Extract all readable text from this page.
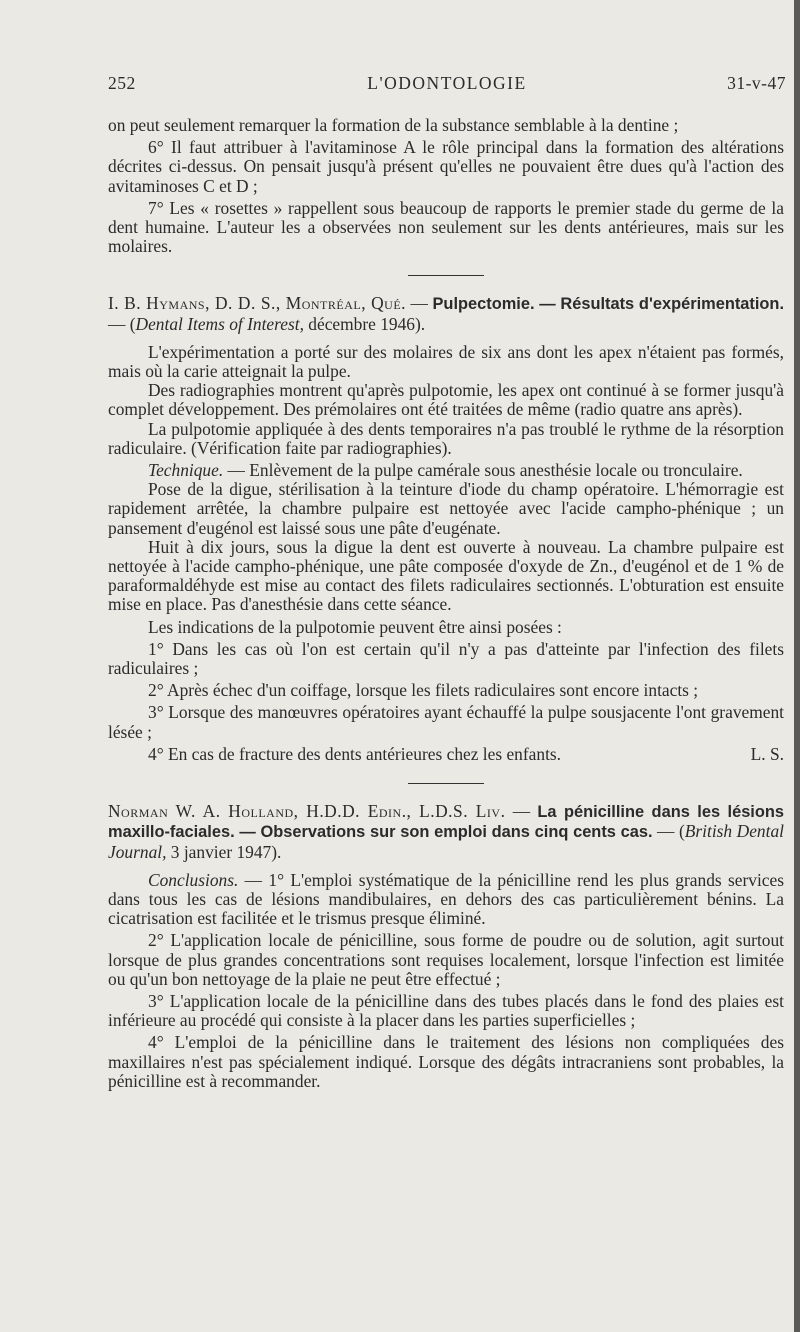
L'ODONTOLOGIE
252	31-v-47

on peut seulement remarquer la formation de la substance semblable à la dentine ;

6° Il faut attribuer à l'avitaminose A le rôle principal dans la formation des altérations décrites ci-dessus. On pensait jusqu'à présent qu'elles ne pouvaient être dues qu'à l'action des avitaminoses C et D ;

7° Les « rosettes » rappellent sous beaucoup de rapports le premier stade du germe de la dent humaine. L'auteur les a observées non seulement sur les dents antérieures, mais sur les molaires.

I. B. Hymans, D. D. S., Montréal, Qué. — Pulpectomie. — Résultats d'expérimentation. — (Dental Items of Interest, décembre 1946).

L'expérimentation a porté sur des molaires de six ans dont les apex n'étaient pas formés, mais où la carie atteignait la pulpe.

Des radiographies montrent qu'après pulpotomie, les apex ont continué à se former jusqu'à complet développement. Des prémolaires ont été traitées de même (radio quatre ans après).

La pulpotomie appliquée à des dents temporaires n'a pas troublé le rythme de la résorption radiculaire. (Vérification faite par radiographies).

Technique. — Enlèvement de la pulpe camérale sous anesthésie locale ou tronculaire.

Pose de la digue, stérilisation à la teinture d'iode du champ opératoire. L'hémorragie est rapidement arrêtée, la chambre pulpaire est nettoyée avec l'acide campho-phénique ; un pansement d'eugénol est laissé sous une pâte d'eugénate.

Huit à dix jours, sous la digue la dent est ouverte à nouveau. La chambre pulpaire est nettoyée à l'acide campho-phénique, une pâte composée d'oxyde de Zn., d'eugénol et de 1 % de paraformaldéhyde est mise au contact des filets radiculaires sectionnés. L'obturation est ensuite mise en place. Pas d'anesthésie dans cette séance.

Les indications de la pulpotomie peuvent être ainsi posées :

1° Dans les cas où l'on est certain qu'il n'y a pas d'atteinte par l'infection des filets radiculaires ;

2° Après échec d'un coiffage, lorsque les filets radiculaires sont encore intacts ;

3° Lorsque des manœuvres opératoires ayant échauffé la pulpe sousjacente l'ont gravement lésée ;

4° En cas de fracture des dents antérieures chez les enfants.	L. S.

Norman W. A. Holland, H.D.D. Edin., L.D.S. Liv. — La pénicilline dans les lésions maxillo-faciales. — Observations sur son emploi dans cinq cents cas. — (British Dental Journal, 3 janvier 1947).

Conclusions. — 1° L'emploi systématique de la pénicilline rend les plus grands services dans tous les cas de lésions mandibulaires, en dehors des cas particulièrement bénins. La cicatrisation est facilitée et le trismus presque éliminé.

2° L'application locale de pénicilline, sous forme de poudre ou de solution, agit surtout lorsque de plus grandes concentrations sont requises localement, lorsque l'infection est limitée ou qu'un bon nettoyage de la plaie ne peut être effectué ;

3° L'application locale de la pénicilline dans des tubes placés dans le fond des plaies est inférieure au procédé qui consiste à la placer dans les parties superficielles ;

4° L'emploi de la pénicilline dans le traitement des lésions non compliquées des maxillaires n'est pas spécialement indiqué. Lorsque des dégâts intracraniens sont probables, la pénicilline est à recommander.
